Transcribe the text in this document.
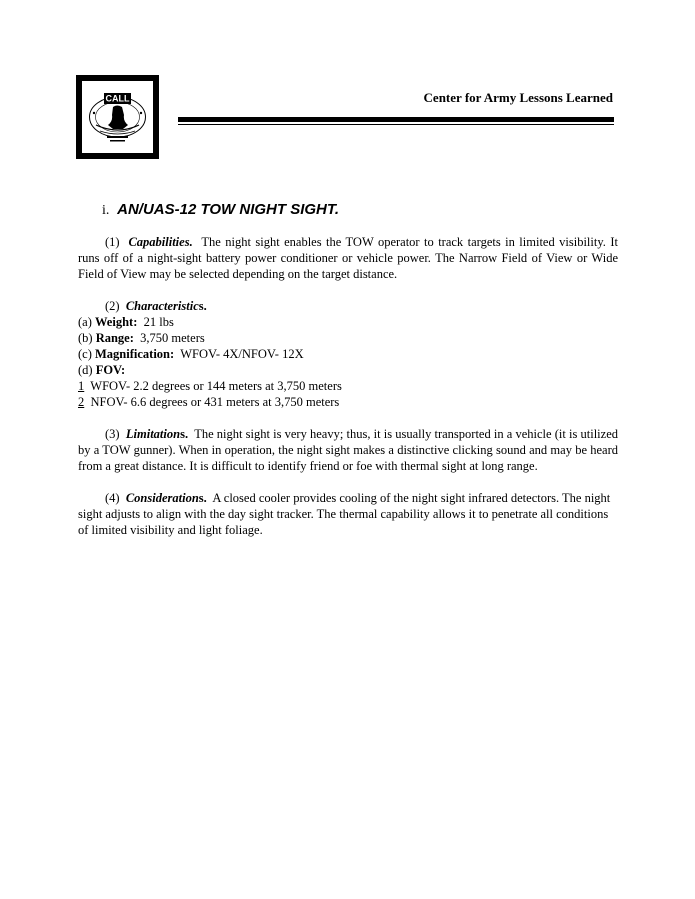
CALL	Center for Army Lessons Learned
i. AN/UAS-12 TOW NIGHT SIGHT.

(1) Capabilities. The night sight enables the TOW operator to track targets in limited visibility. It runs off of a night-sight battery power conditioner or vehicle power. The Narrow Field of View or Wide Field of View may be selected depending on the target distance.

(2) Characteristics.
(a) Weight: 21 lbs
(b) Range: 3,750 meters
(c) Magnification: WFOV- 4X/NFOV- 12X
(d) FOV:
1 WFOV- 2.2 degrees or 144 meters at 3,750 meters
2 NFOV- 6.6 degrees or 431 meters at 3,750 meters

(3) Limitations. The night sight is very heavy; thus, it is usually transported in a vehicle (it is utilized by a TOW gunner). When in operation, the night sight makes a distinctive clicking sound and may be heard from a great distance. It is difficult to identify friend or foe with thermal sight at long range.

(4) Considerations. A closed cooler provides cooling of the night sight infrared detectors. The night sight adjusts to align with the day sight tracker. The thermal capability allows it to penetrate all conditions of limited visibility and light foliage.
